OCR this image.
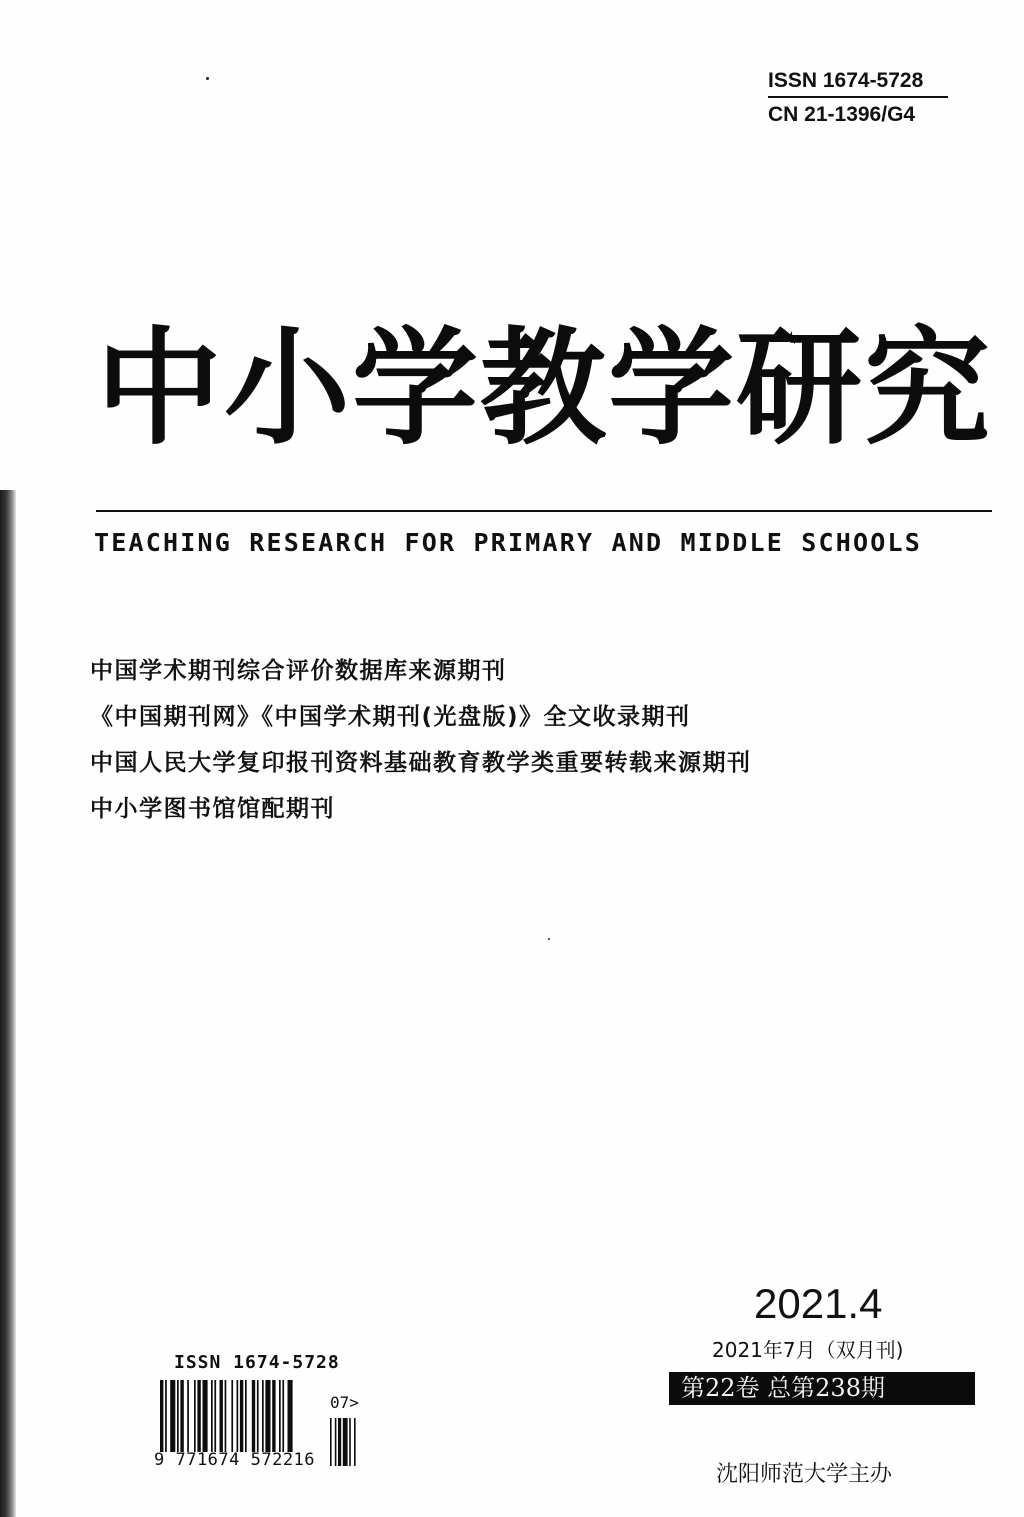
ISSN 1674-5728
CN 21-1396/G4
中小学教学研究
TEACHING RESEARCH FOR PRIMARY AND MIDDLE SCHOOLS
中国学术期刊综合评价数据库来源期刊
《中国期刊网》《中国学术期刊(光盘版)》全文收录期刊
中国人民大学复印报刊资料基础教育教学类重要转载来源期刊
中小学图书馆馆配期刊
2021.4
2021年7月（双月刊)
第22卷 总第238期
ISSN 1674-5728
07>
9 771674 572216
沈阳师范大学主办
